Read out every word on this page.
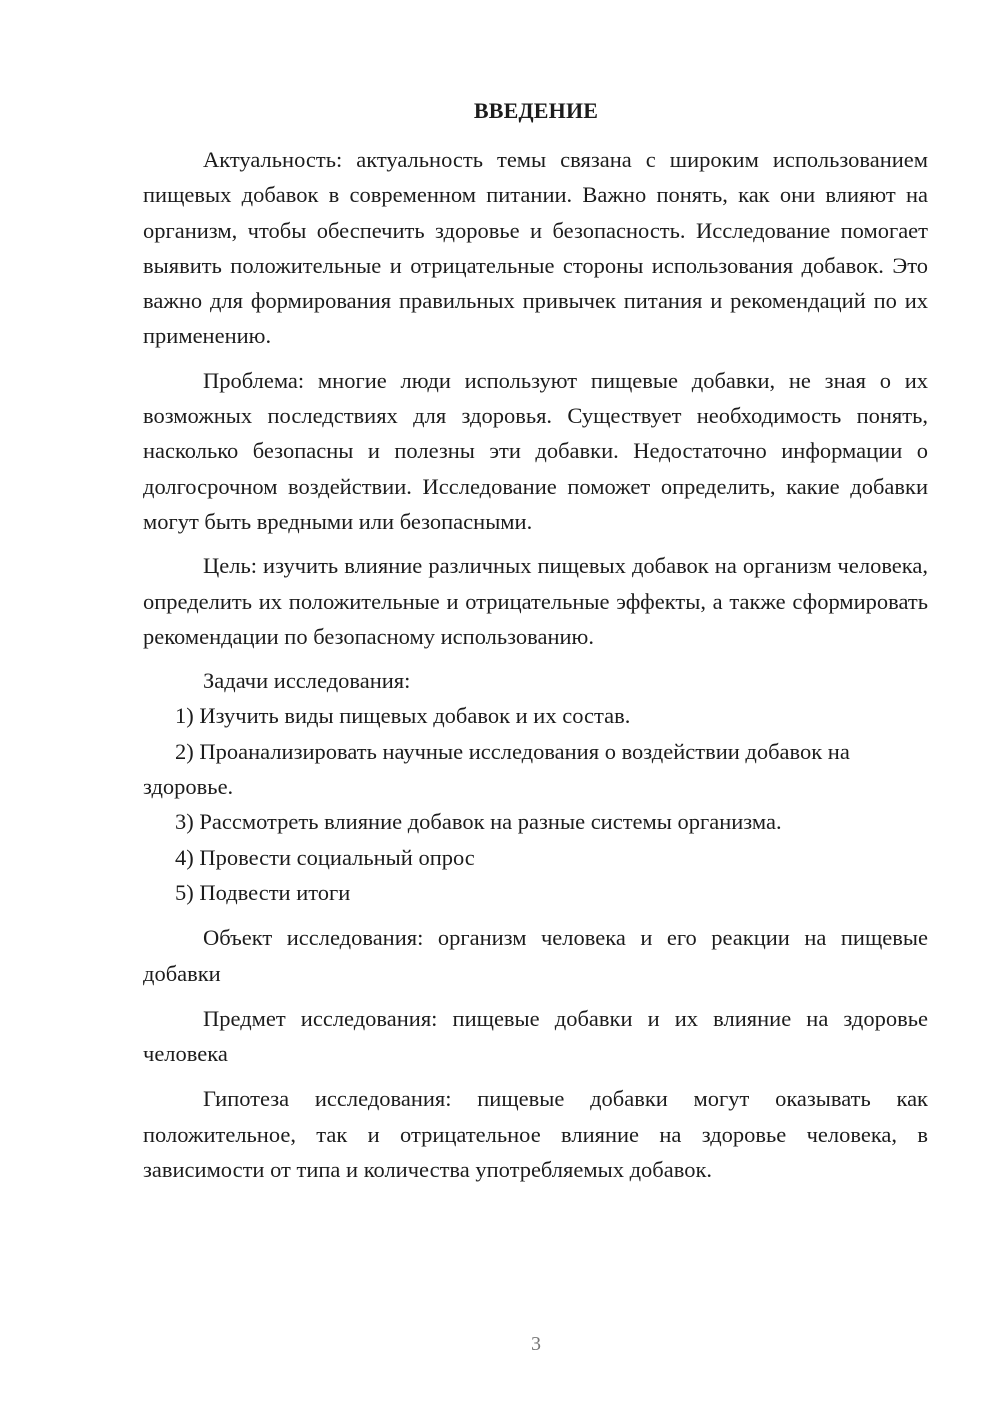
ВВЕДЕНИЕ

Актуальность: актуальность темы связана с широким использованием пищевых добавок в современном питании. Важно понять, как они влияют на организм, чтобы обеспечить здоровье и безопасность. Исследование помогает выявить положительные и отрицательные стороны использования добавок. Это важно для формирования правильных привычек питания и рекомендаций по их применению.

Проблема: многие люди используют пищевые добавки, не зная о их возможных последствиях для здоровья. Существует необходимость понять, насколько безопасны и полезны эти добавки. Недостаточно информации о долгосрочном воздействии. Исследование поможет определить, какие добавки могут быть вредными или безопасными.

Цель: изучить влияние различных пищевых добавок на организм человека, определить их положительные и отрицательные эффекты, а также сформировать рекомендации по безопасному использованию.

Задачи исследования:

1) Изучить виды пищевых добавок и их состав.

2) Проанализировать научные исследования о воздействии добавок на здоровье.

3) Рассмотреть влияние добавок на разные системы организма.

4) Провести социальный опрос

5) Подвести итоги

Объект исследования: организм человека и его реакции на пищевые добавки

Предмет исследования: пищевые добавки и их влияние на здоровье человека

Гипотеза исследования: пищевые добавки могут оказывать как положительное, так и отрицательное влияние на здоровье человека, в зависимости от типа и количества употребляемых добавок.

3
